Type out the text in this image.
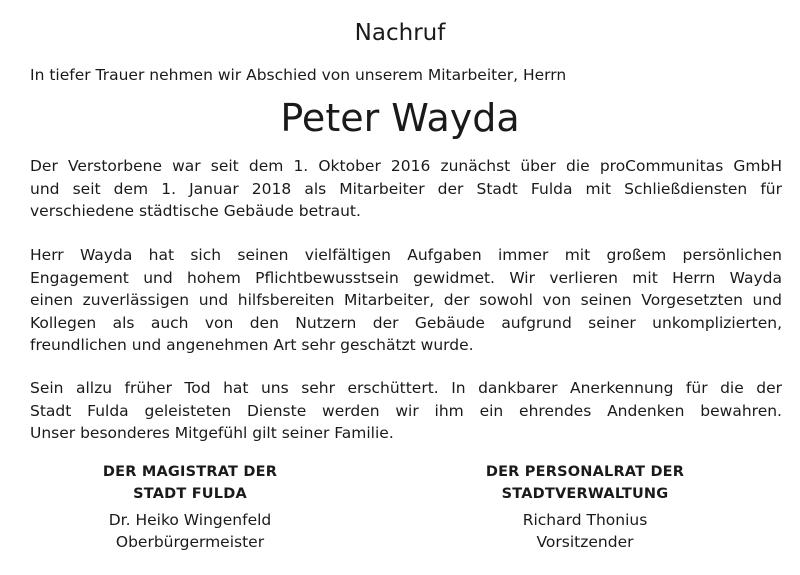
Nachruf
In tiefer Trauer nehmen wir Abschied von unserem Mitarbeiter, Herrn
Peter Wayda

Der Verstorbene war seit dem 1. Oktober 2016 zunächst über die proCommunitas GmbH
und seit dem 1. Januar 2018 als Mitarbeiter der Stadt Fulda mit Schließdiensten für
verschiedene städtische Gebäude betraut.

Herr Wayda hat sich seinen vielfältigen Aufgaben immer mit großem persönlichen
Engagement und hohem Pflichtbewusstsein gewidmet. Wir verlieren mit Herrn Wayda
einen zuverlässigen und hilfsbereiten Mitarbeiter, der sowohl von seinen Vorgesetzten und
Kollegen als auch von den Nutzern der Gebäude aufgrund seiner unkomplizierten,
freundlichen und angenehmen Art sehr geschätzt wurde.

Sein allzu früher Tod hat uns sehr erschüttert. In dankbarer Anerkennung für die der
Stadt Fulda geleisteten Dienste werden wir ihm ein ehrendes Andenken bewahren.
Unser besonderes Mitgefühl gilt seiner Familie.

DER MAGISTRAT DER
STADT FULDA
Dr. Heiko Wingenfeld
Oberbürgermeister
DER PERSONALRAT DER
STADTVERWALTUNG
Richard Thonius
Vorsitzender
